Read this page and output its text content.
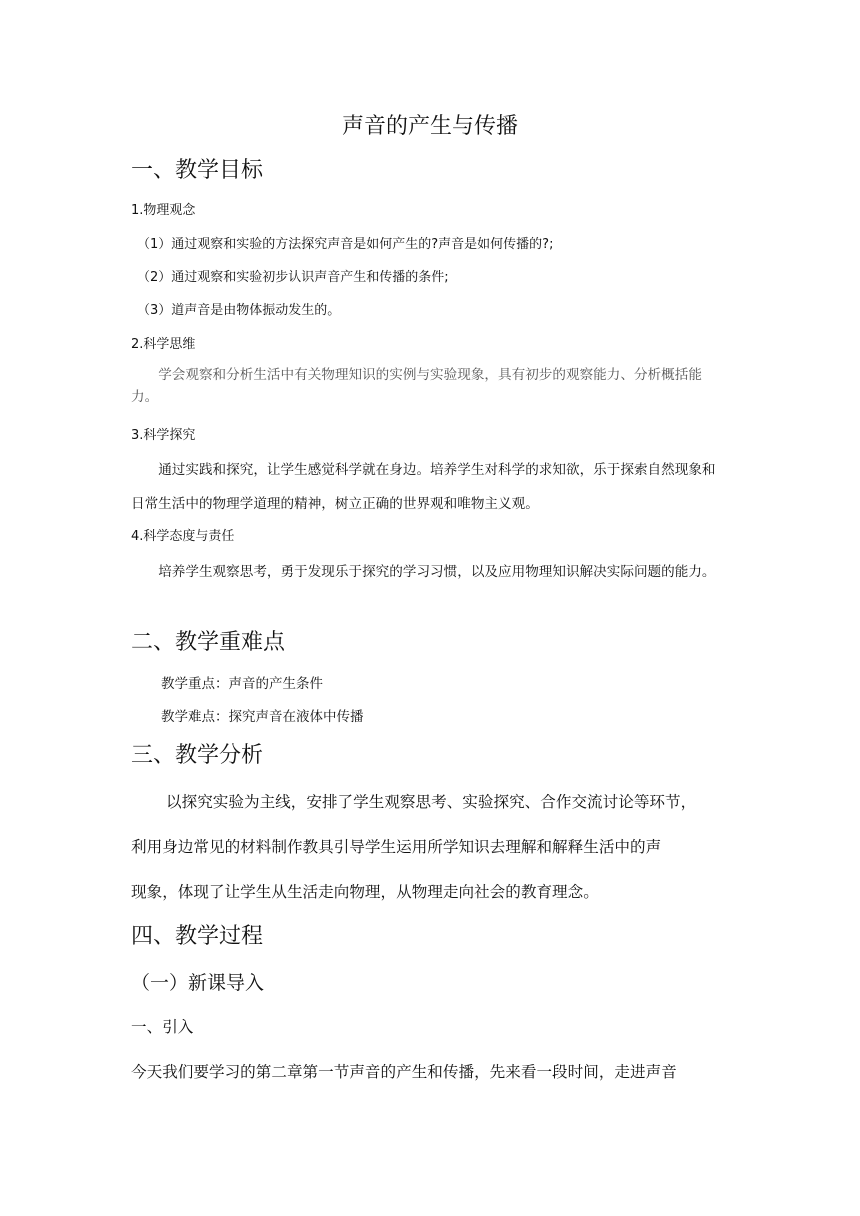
声音的产生与传播
一、教学目标
1.物理观念
（1）通过观察和实验的方法探究声音是如何产生的?声音是如何传播的?;
（2）通过观察和实验初步认识声音产生和传播的条件;
（3）道声音是由物体振动发生的。
2.科学思维
学会观察和分析生活中有关物理知识的实例与实验现象，具有初步的观察能力、分析概括能力。
3.科学探究
通过实践和探究，让学生感觉科学就在身边。培养学生对科学的求知欲，乐于探索自然现象和日常生活中的物理学道理的精神，树立正确的世界观和唯物主义观。
4.科学态度与责任
培养学生观察思考，勇于发现乐于探究的学习习惯，以及应用物理知识解决实际问题的能力。
二、教学重难点
教学重点：声音的产生条件
教学难点：探究声音在液体中传播
三、教学分析
以探究实验为主线，安排了学生观察思考、实验探究、合作交流讨论等环节，
利用身边常见的材料制作教具引导学生运用所学知识去理解和解释生活中的声
现象，体现了让学生从生活走向物理，从物理走向社会的教育理念。
四、教学过程
（一）新课导入
一、引入
今天我们要学习的第二章第一节声音的产生和传播，先来看一段时间，走进声音
